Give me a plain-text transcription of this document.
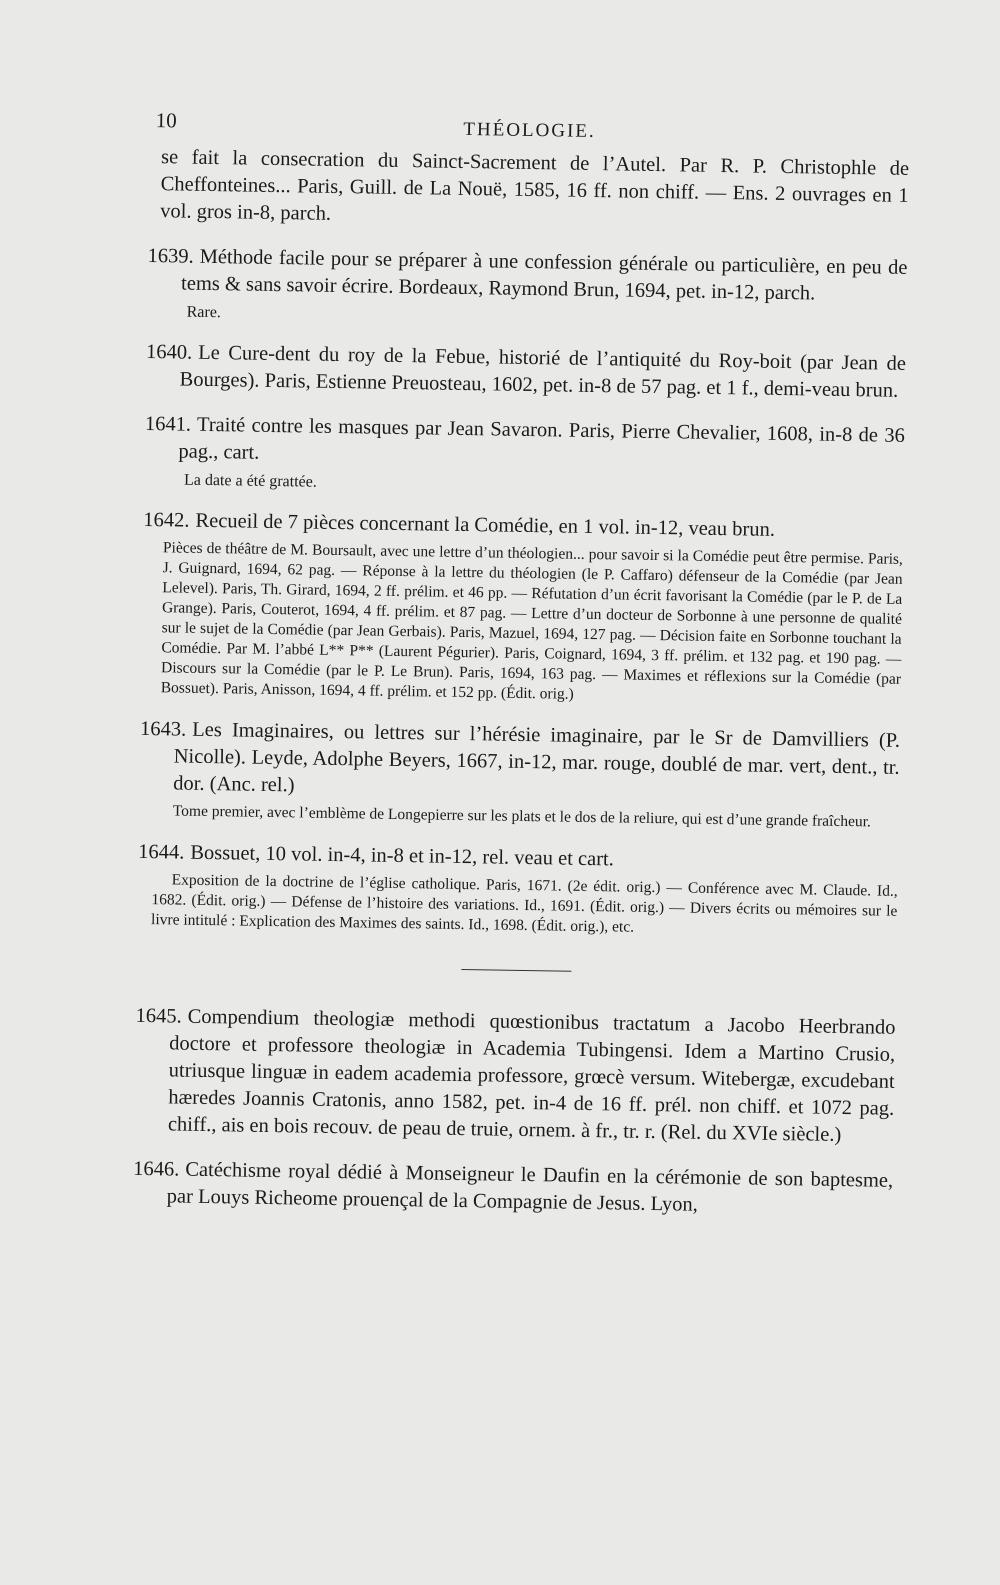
10	THÉOLOGIE.

se fait la consecration du Sainct-Sacrement de l’Autel. Par R. P. Christophle de Cheffonteines... Paris, Guill. de La Nouë, 1585, 16 ff. non chiff. — Ens. 2 ouvrages en 1 vol. gros in-8, parch.

1639. Méthode facile pour se préparer à une confession générale ou particulière, en peu de tems & sans savoir écrire. Bordeaux, Raymond Brun, 1694, pet. in-12, parch.

Rare.

1640. Le Cure-dent du roy de la Febue, historié de l’antiquité du Roy-boit (par Jean de Bourges). Paris, Estienne Preuosteau, 1602, pet. in-8 de 57 pag. et 1 f., demi-veau brun.

1641. Traité contre les masques par Jean Savaron. Paris, Pierre Chevalier, 1608, in-8 de 36 pag., cart.

La date a été grattée.

1642. Recueil de 7 pièces concernant la Comédie, en 1 vol. in-12, veau brun.

Pièces de théâtre de M. Boursault, avec une lettre d’un théologien... pour savoir si la Comédie peut être permise. Paris, J. Guignard, 1694, 62 pag. — Réponse à la lettre du théologien (le P. Caffaro) défenseur de la Comédie (par Jean Lelevel). Paris, Th. Girard, 1694, 2 ff. prélim. et 46 pp. — Réfutation d’un écrit favorisant la Comédie (par le P. de La Grange). Paris, Couterot, 1694, 4 ff. prélim. et 87 pag. — Lettre d’un docteur de Sorbonne à une personne de qualité sur le sujet de la Comédie (par Jean Gerbais). Paris, Mazuel, 1694, 127 pag. — Décision faite en Sorbonne touchant la Comédie. Par M. l’abbé L** P** (Laurent Pégurier). Paris, Coignard, 1694, 3 ff. prélim. et 132 pag. et 190 pag. — Discours sur la Comédie (par le P. Le Brun). Paris, 1694, 163 pag. — Maximes et réflexions sur la Comédie (par Bossuet). Paris, Anisson, 1694, 4 ff. prélim. et 152 pp. (Édit. orig.)

1643. Les Imaginaires, ou lettres sur l’hérésie imaginaire, par le Sr de Damvilliers (P. Nicolle). Leyde, Adolphe Beyers, 1667, in-12, mar. rouge, doublé de mar. vert, dent., tr. dor. (Anc. rel.)

Tome premier, avec l’emblème de Longepierre sur les plats et le dos de la reliure, qui est d’une grande fraîcheur.

1644. Bossuet, 10 vol. in-4, in-8 et in-12, rel. veau et cart.

Exposition de la doctrine de l’église catholique. Paris, 1671. (2e édit. orig.) — Conférence avec M. Claude. Id., 1682. (Édit. orig.) — Défense de l’histoire des variations. Id., 1691. (Édit. orig.) — Divers écrits ou mémoires sur le livre intitulé : Explication des Maximes des saints. Id., 1698. (Édit. orig.), etc.

1645. Compendium theologiæ methodi quœstionibus tractatum a Jacobo Heerbrando doctore et professore theologiæ in Academia Tubingensi. Idem a Martino Crusio, utriusque linguæ in eadem academia professore, grœcè versum. Witebergæ, excudebant hæredes Joannis Cratonis, anno 1582, pet. in-4 de 16 ff. prél. non chiff. et 1072 pag. chiff., ais en bois recouv. de peau de truie, ornem. à fr., tr. r. (Rel. du XVIe siècle.)

1646. Catéchisme royal dédié à Monseigneur le Daufin en la cérémonie de son baptesme, par Louys Richeome prouençal de la Compagnie de Jesus. Lyon,
